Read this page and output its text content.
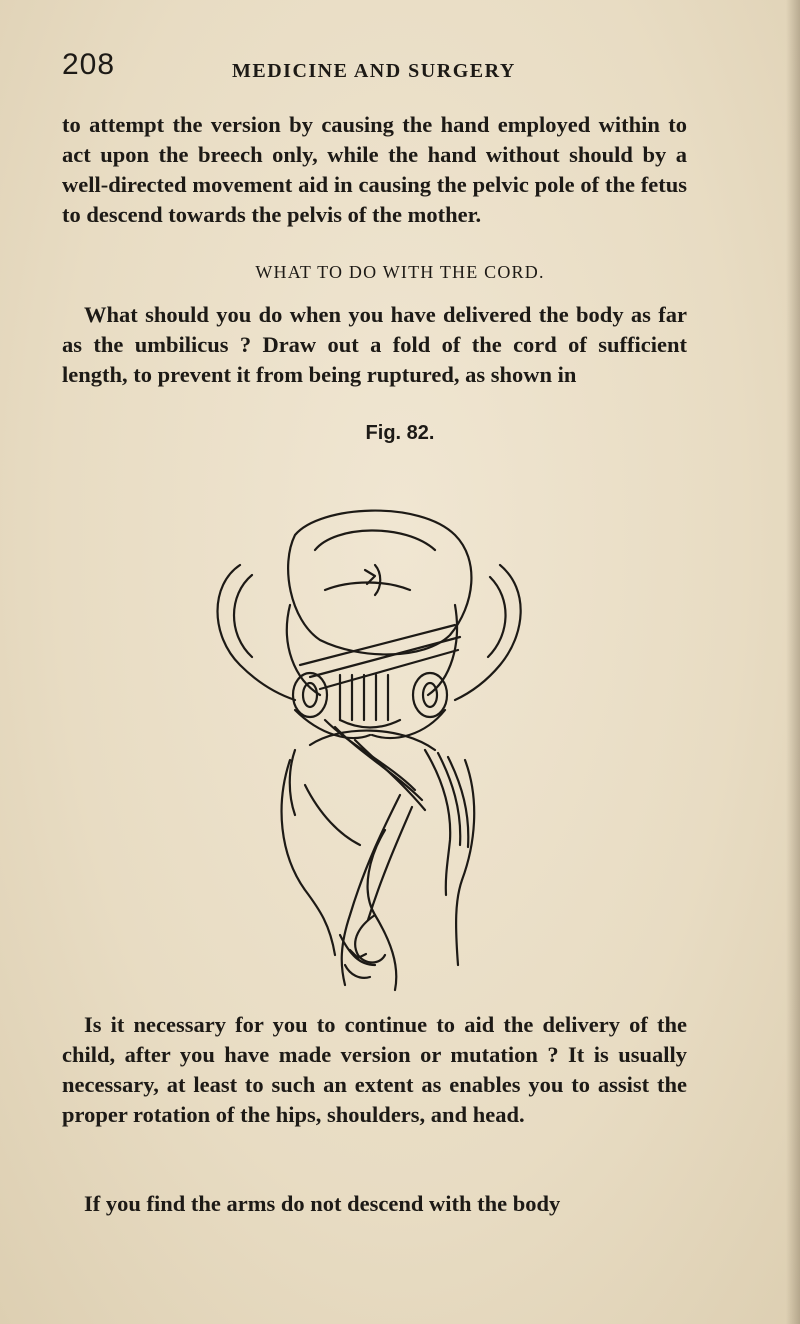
208	MEDICINE AND SURGERY

to attempt the version by causing the hand employed within to act upon the breech only, while the hand without should by a well-directed movement aid in causing the pelvic pole of the fetus to descend towards the pelvis of the mother.

WHAT TO DO WITH THE CORD.

What should you do when you have delivered the body as far as the umbilicus ? Draw out a fold of the cord of sufficient length, to prevent it from being ruptured, as shown in

Fig. 82.

Is it necessary for you to continue to aid the delivery of the child, after you have made version or mutation ? It is usually necessary, at least to such an extent as enables you to assist the proper rotation of the hips, shoulders, and head.

If you find the arms do not descend with the body
